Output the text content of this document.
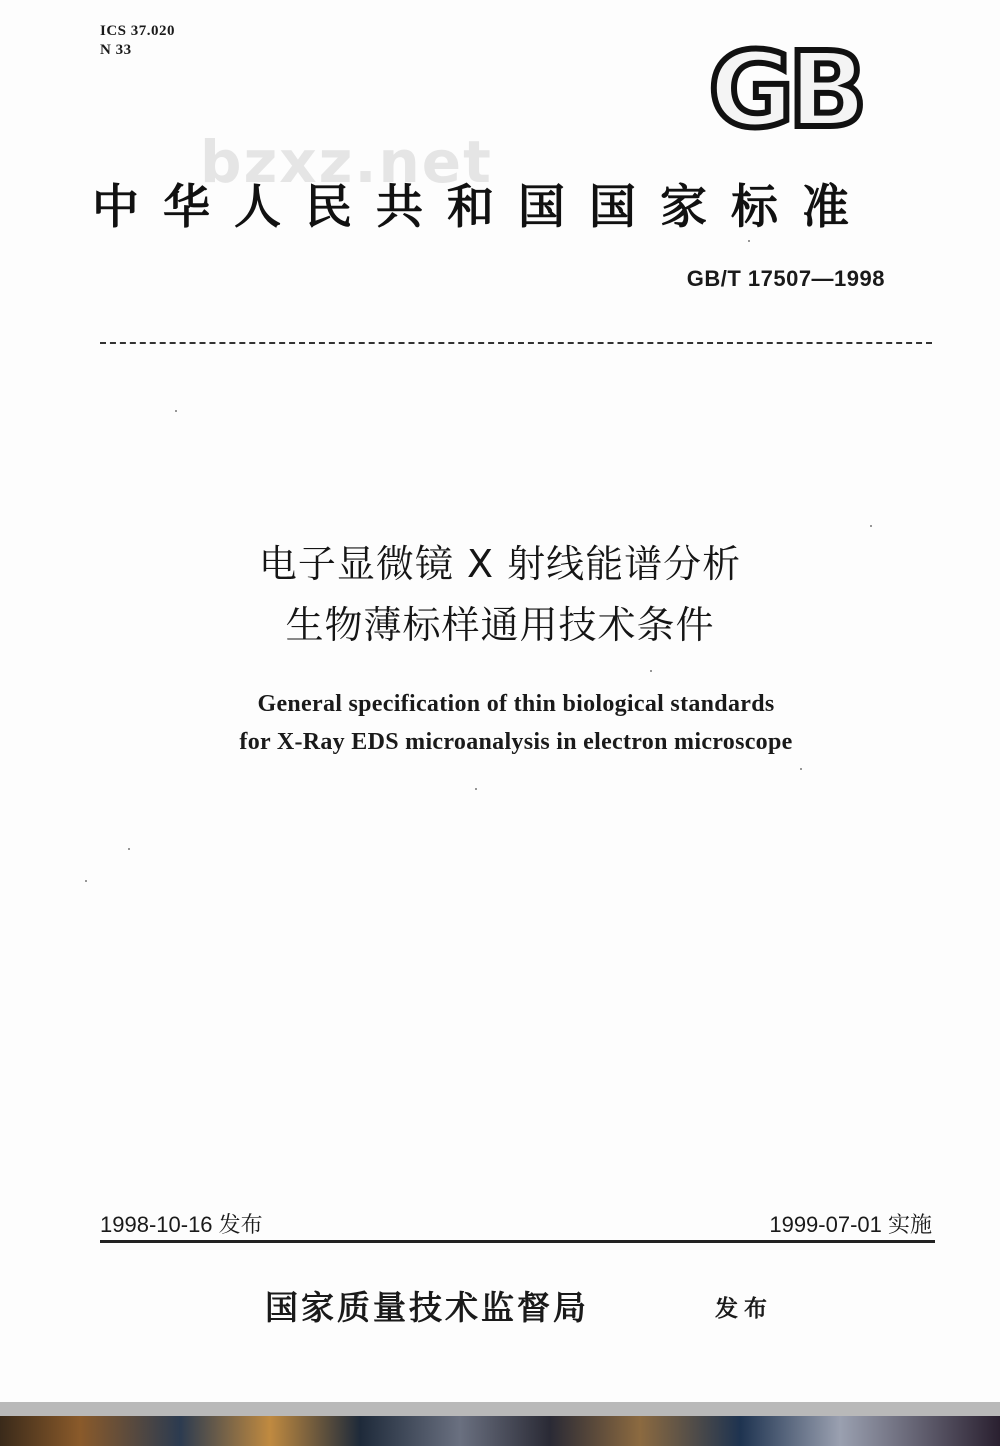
ICS 37.020
N 33	GB
bzxz.net
中华人民共和国国家标准
GB/T 17507—1998
电子显微镜 X 射线能谱分析
生物薄标样通用技术条件
General specification of thin biological standards
for X-Ray EDS microanalysis in electron microscope
1998-10-16 发布	1999-07-01 实施
国家质量技术监督局	发布
